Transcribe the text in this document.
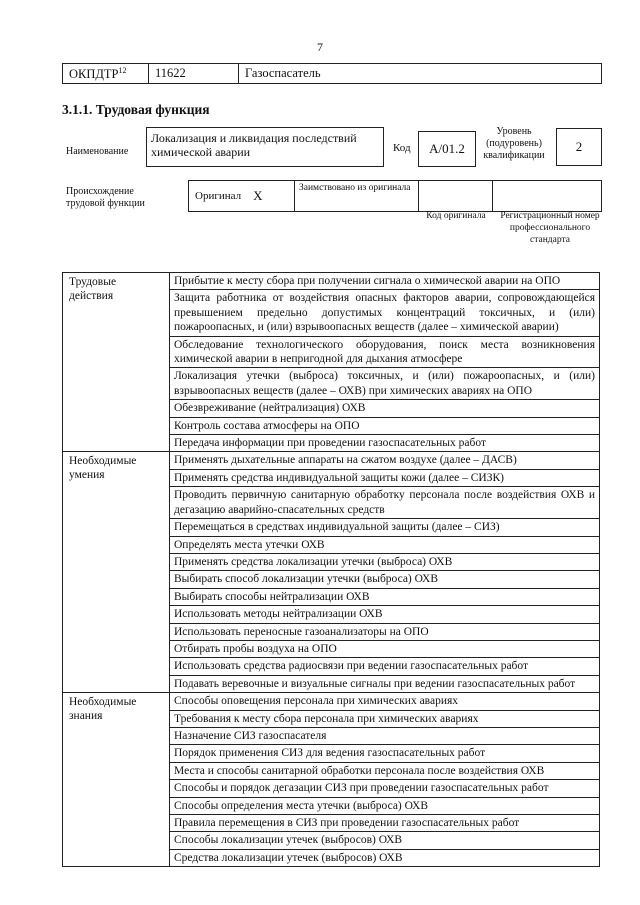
7
ОКПДТР$^{12}$	11622	Газоспасатель
3.1.1. Трудовая функция
Наименование
Локализация и ликвидация последствий химической аварии	Код	А/01.2
Уровень (подуровень) квалификации
2
Происхождение трудовой функции
Оригинал X	Заимствовано из оригинала
Код оригинала	Регистрационный номер профессионального стандарта
Трудовые действия
Прибытие к месту сбора при получении сигнала о химической аварии на ОПО
Защита работника от воздействия опасных факторов аварии, сопровождающейся превышением предельно допустимых концентраций токсичных, и (или) пожароопасных, и (или) взрывоопасных веществ (далее – химической аварии)
Обследование технологического оборудования, поиск места возникновения химической аварии в непригодной для дыхания атмосфере
Локализация утечки (выброса) токсичных, и (или) пожароопасных, и (или) взрывоопасных веществ (далее – ОХВ) при химических авариях на ОПО
Обезвреживание (нейтрализация) ОХВ
Контроль состава атмосферы на ОПО
Передача информации при проведении газоспасательных работ
Необходимые умения
Применять дыхательные аппараты на сжатом воздухе (далее – ДАСВ)
Применять средства индивидуальной защиты кожи (далее – СИЗК)
Проводить первичную санитарную обработку персонала после воздействия ОХВ и дегазацию аварийно-спасательных средств
Перемещаться в средствах индивидуальной защиты (далее – СИЗ)
Определять места утечки ОХВ
Применять средства локализации утечки (выброса) ОХВ
Выбирать способ локализации утечки (выброса) ОХВ
Выбирать способы нейтрализации ОХВ
Использовать методы нейтрализации ОХВ
Использовать переносные газоанализаторы на ОПО
Отбирать пробы воздуха на ОПО
Использовать средства радиосвязи при ведении газоспасательных работ
Подавать веревочные и визуальные сигналы при ведении газоспасательных работ
Необходимые знания
Способы оповещения персонала при химических авариях
Требования к месту сбора персонала при химических авариях
Назначение СИЗ газоспасателя
Порядок применения СИЗ для ведения газоспасательных работ
Места и способы санитарной обработки персонала после воздействия ОХВ
Способы и порядок дегазации СИЗ при проведении газоспасательных работ
Способы определения места утечки (выброса) ОХВ
Правила перемещения в СИЗ при проведении газоспасательных работ
Способы локализации утечек (выбросов) ОХВ
Средства локализации утечек (выбросов) ОХВ
